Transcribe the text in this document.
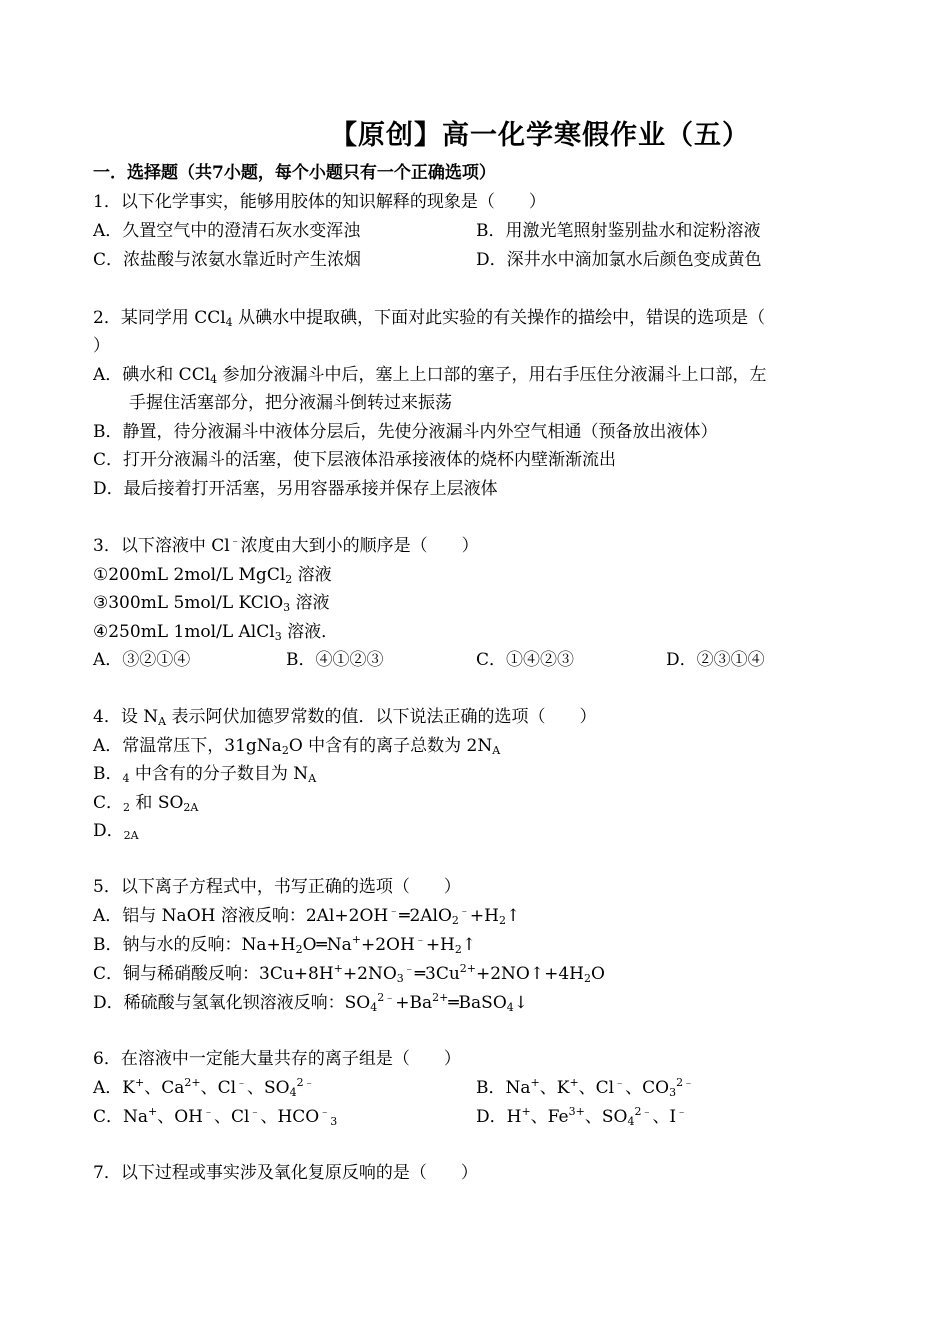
【原创】高一化学寒假作业（五）
一．选择题（共7小题，每个小题只有一个正确选项）
1．以下化学事实，能够用胶体的知识解释的现象是（　　）
A．久置空气中的澄清石灰水变浑浊	B．用激光笔照射鉴别盐水和淀粉溶液
C．浓盐酸与浓氨水靠近时产生浓烟	D．深井水中滴加氯水后颜色变成黄色
2．某同学用 CCl$_4$ 从碘水中提取碘，下面对此实验的有关操作的描绘中，错误的选项是（
）
A．碘水和 CCl$_4$ 参加分液漏斗中后，塞上上口部的塞子，用右手压住分液漏斗上口部，左
手握住活塞部分，把分液漏斗倒转过来振荡
B．静置，待分液漏斗中液体分层后，先使分液漏斗内外空气相通（预备放出液体）
C．打开分液漏斗的活塞，使下层液体沿承接液体的烧杯内壁渐渐流出
D．最后接着打开活塞，另用容器承接并保存上层液体
3．以下溶液中 Cl﹣浓度由大到小的顺序是（　　）
①200mL 2mol/L MgCl$_2$ 溶液
③300mL 5mol/L KClO$_3$ 溶液
④250mL 1mol/L AlCl$_3$ 溶液．
A．③②①④	B．④①②③	C．①④②③	D．②③①④
4．设 $N_A$ 表示阿伏加德罗常数的值．以下说法正确的选项（　　）
A．常温常压下，31gNa$_2$O 中含有的离子总数为 $2N_A$
B．$_4$ 中含有的分子数目为 $N_A$
C．$_2$ 和 $SO_{2A}$
D．$_{2A}$
5．以下离子方程式中，书写正确的选项（　　）
A．铝与 NaOH 溶液反响：$2Al+2OH^﹣═2AlO_2^﹣+H_2↑$
B．钠与水的反响：$Na+H_2O═Na^++2OH^﹣+H_2↑$
C．铜与稀硝酸反响：$3Cu+8H^++2NO_3^﹣═3Cu^{2+}+2NO↑+4H_2O$
D．稀硫酸与氢氧化钡溶液反响：$SO_4^{2﹣}+Ba^{2+}═BaSO_4↓$
6．在溶液中一定能大量共存的离子组是（　　）
A．K+、$Ca^{2+}$、Cl﹣、$SO_4^{2﹣}$	B．Na+、K+、Cl﹣、$CO_3^{2﹣}$
C．Na+、OH﹣、Cl﹣、$HCO^﹣_3$	D．H+、$Fe^{3+}$、$SO_4^{2﹣}$、I﹣
7．以下过程或事实涉及氧化复原反响的是（　　）
